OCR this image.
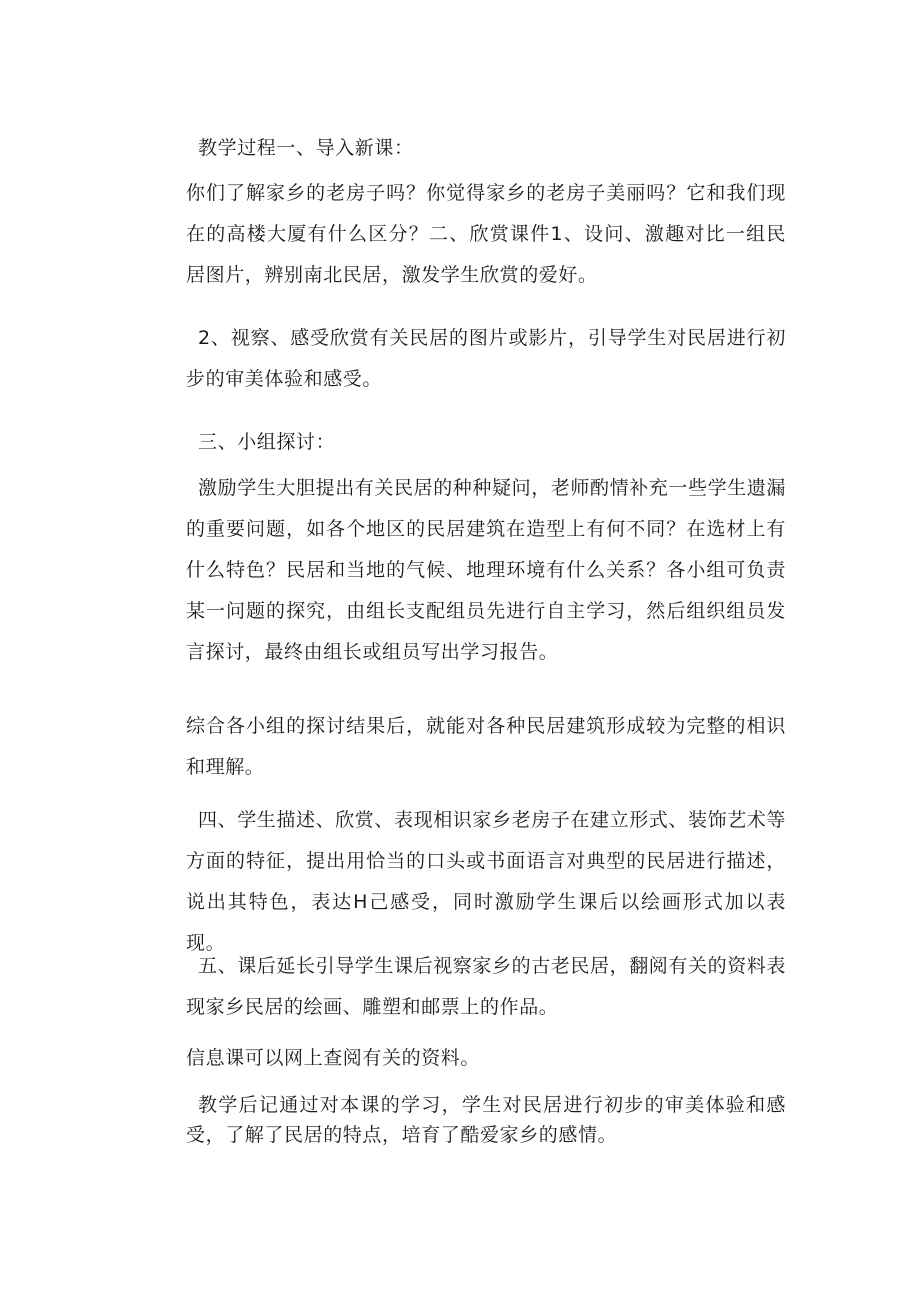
教学过程一、导入新课：

你们了解家乡的老房子吗？你觉得家乡的老房子美丽吗？它和我们现在的高楼大厦有什么区分？二、欣赏课件1、设问、激趣对比一组民居图片，辨别南北民居，激发学生欣赏的爱好。

2、视察、感受欣赏有关民居的图片或影片，引导学生对民居进行初步的审美体验和感受。

三、小组探讨：

激励学生大胆提出有关民居的种种疑问，老师酌情补充一些学生遗漏的重要问题，如各个地区的民居建筑在造型上有何不同？在选材上有什么特色？民居和当地的气候、地理环境有什么关系？各小组可负责某一问题的探究，由组长支配组员先进行自主学习，然后组织组员发言探讨，最终由组长或组员写出学习报告。

综合各小组的探讨结果后，就能对各种民居建筑形成较为完整的相识和理解。

四、学生描述、欣赏、表现相识家乡老房子在建立形式、装饰艺术等方面的特征，提出用恰当的口头或书面语言对典型的民居进行描述，说出其特色，表达H己感受，同时激励学生课后以绘画形式加以表现。

五、课后延长引导学生课后视察家乡的古老民居，翻阅有关的资料表现家乡民居的绘画、雕塑和邮票上的作品。

信息课可以网上查阅有关的资料。

教学后记通过对本课的学习，学生对民居进行初步的审美体验和感受，了解了民居的特点，培育了酷爱家乡的感情。
